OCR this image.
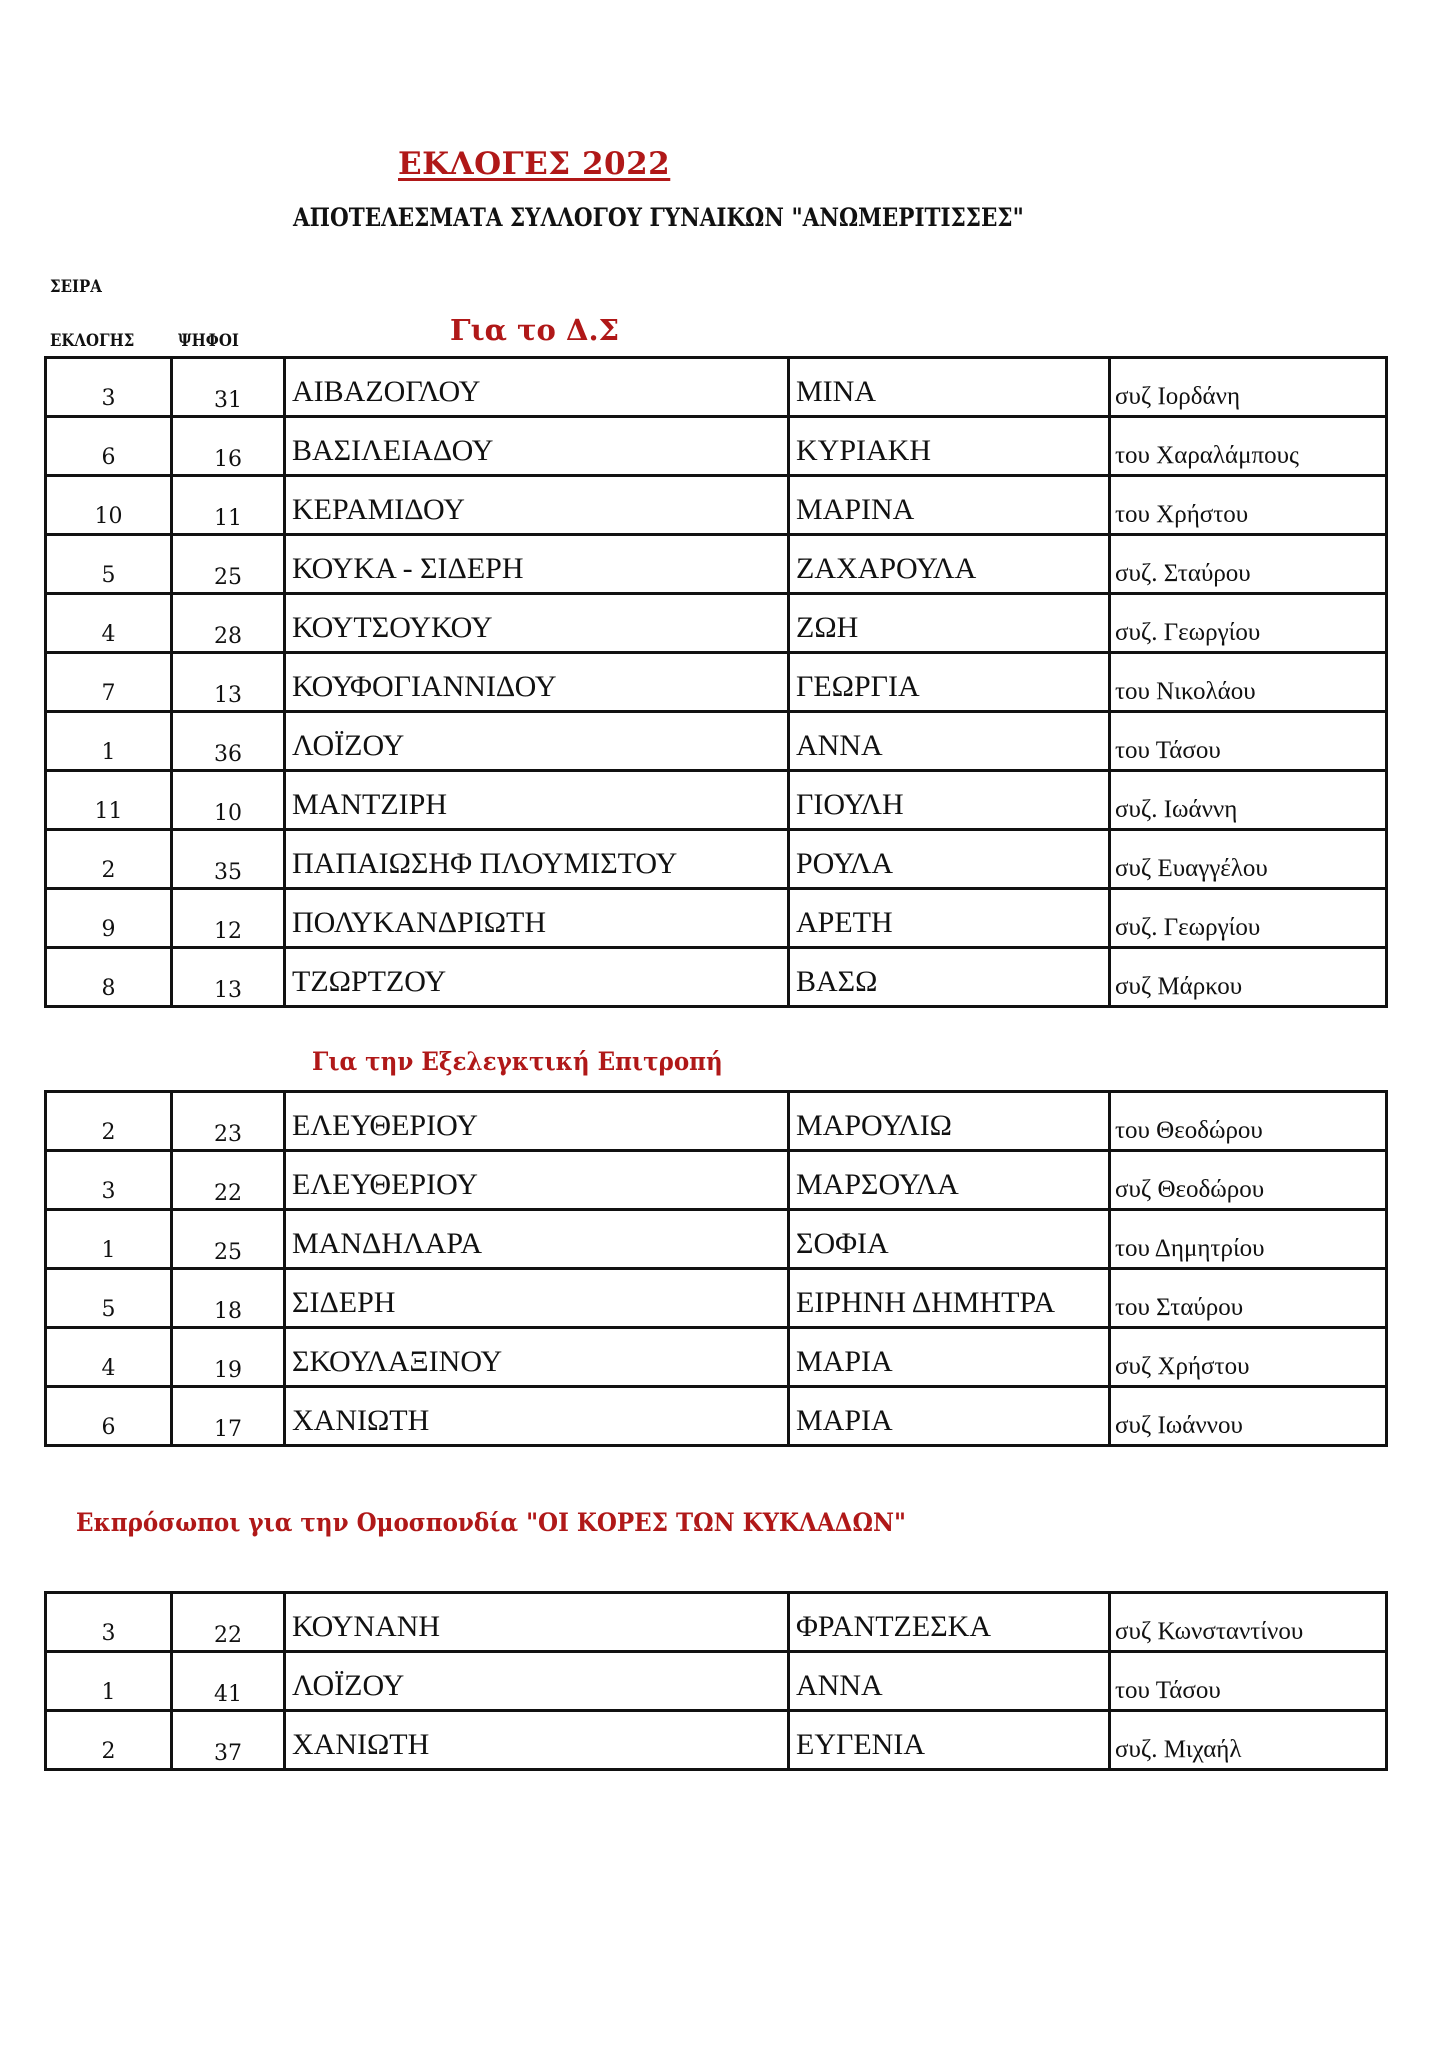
ΕΚΛΟΓΕΣ 2022
ΑΠΟΤΕΛΕΣΜΑΤΑ ΣΥΛΛΟΓΟΥ ΓΥΝΑΙΚΩΝ "ΑΝΩΜΕΡΙΤΙΣΣΕΣ"
ΣΕΙΡΑ
ΕΚΛΟΓΗΣ	ΨΗΦΟΙ	Για το Δ.Σ
3	31	ΑΙΒΑΖΟΓΛΟΥ	ΜΙΝΑ	συζ Ιορδάνη
6	16	ΒΑΣΙΛΕΙΑΔΟΥ	ΚΥΡΙΑΚΗ	του Χαραλάμπους
10	11	ΚΕΡΑΜΙΔΟΥ	ΜΑΡΙΝΑ	του Χρήστου
5	25	ΚΟΥΚΑ - ΣΙΔΕΡΗ	ΖΑΧΑΡΟΥΛΑ	συζ. Σταύρου
4	28	ΚΟΥΤΣΟΥΚΟΥ	ΖΩΗ	συζ. Γεωργίου
7	13	ΚΟΥΦΟΓΙΑΝΝΙΔΟΥ	ΓΕΩΡΓΙΑ	του Νικολάου
1	36	ΛΟΪΖΟΥ	ΑΝΝΑ	του Τάσου
11	10	ΜΑΝΤΖΙΡΗ	ΓΙΟΥΛΗ	συζ. Ιωάννη
2	35	ΠΑΠΑΙΩΣΗΦ ΠΛΟΥΜΙΣΤΟΥ	ΡΟΥΛΑ	συζ Ευαγγέλου
9	12	ΠΟΛΥΚΑΝΔΡΙΩΤΗ	ΑΡΕΤΗ	συζ. Γεωργίου
8	13	ΤΖΩΡΤΖΟΥ	ΒΑΣΩ	συζ Μάρκου
Για την Εξελεγκτική Επιτροπή
2	23	ΕΛΕΥΘΕΡΙΟΥ	ΜΑΡΟΥΛΙΩ	του Θεοδώρου
3	22	ΕΛΕΥΘΕΡΙΟΥ	ΜΑΡΣΟΥΛΑ	συζ Θεοδώρου
1	25	ΜΑΝΔΗΛΑΡΑ	ΣΟΦΙΑ	του Δημητρίου
5	18	ΣΙΔΕΡΗ	ΕΙΡΗΝΗ ΔΗΜΗΤΡΑ	του Σταύρου
4	19	ΣΚΟΥΛΑΞΙΝΟΥ	ΜΑΡΙΑ	συζ Χρήστου
6	17	ΧΑΝΙΩΤΗ	ΜΑΡΙΑ	συζ Ιωάννου
Εκπρόσωποι για την Ομοσπονδία "ΟΙ ΚΟΡΕΣ ΤΩΝ ΚΥΚΛΑΔΩΝ"
3	22	ΚΟΥΝΑΝΗ	ΦΡΑΝΤΖΕΣΚΑ	συζ Κωνσταντίνου
1	41	ΛΟΪΖΟΥ	ΑΝΝΑ	του Τάσου
2	37	ΧΑΝΙΩΤΗ	ΕΥΓΕΝΙΑ	συζ. Μιχαήλ
